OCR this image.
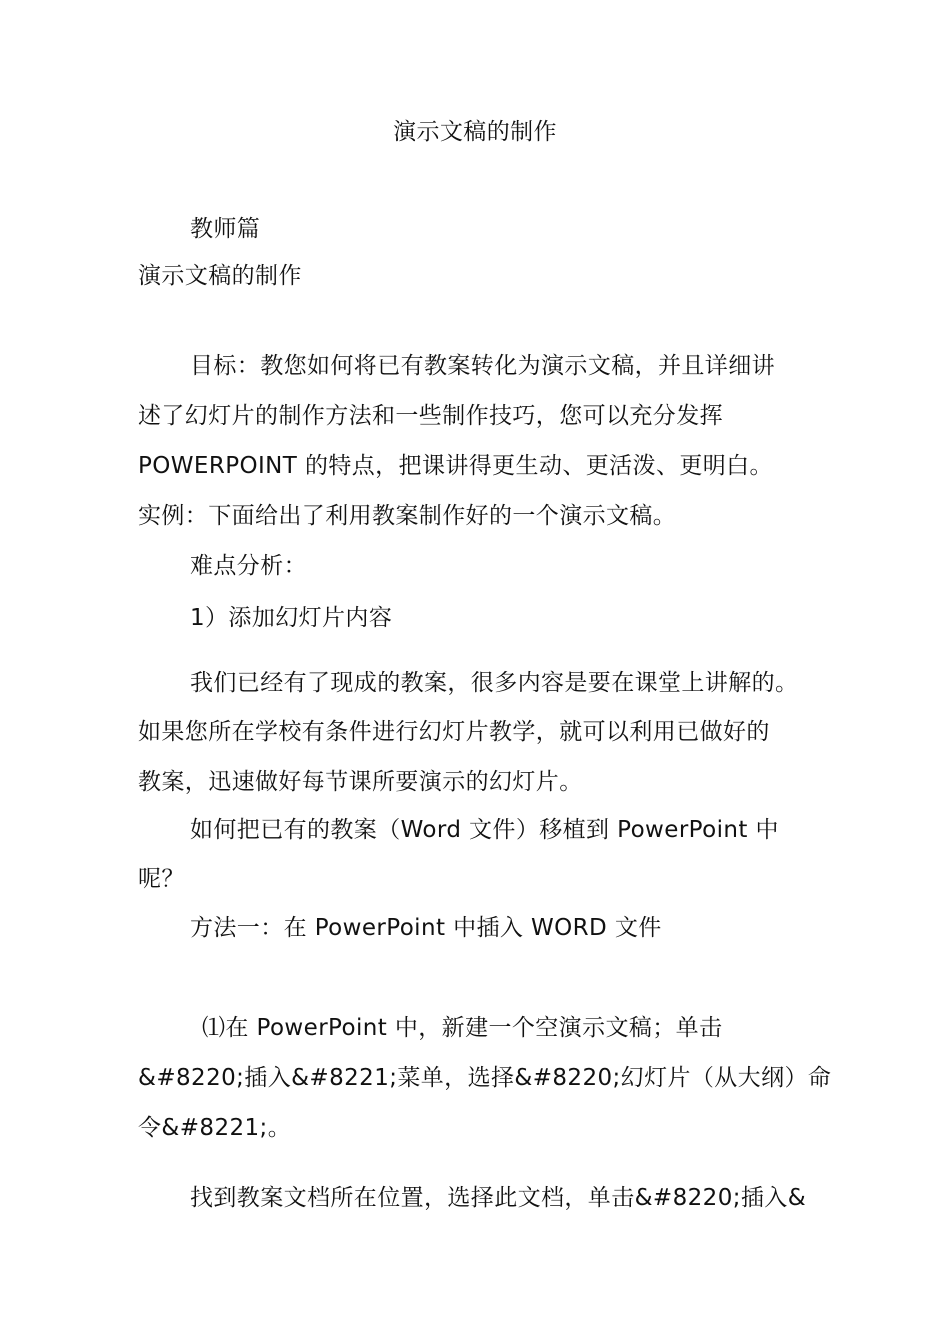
演示文稿的制作
教师篇
演示文稿的制作
目标：教您如何将已有教案转化为演示文稿，并且详细讲
述了幻灯片的制作方法和一些制作技巧，您可以充分发挥
POWERPOINT 的特点，把课讲得更生动、更活泼、更明白。
实例：下面给出了利用教案制作好的一个演示文稿。
难点分析：
1）添加幻灯片内容
我们已经有了现成的教案，很多内容是要在课堂上讲解的。
如果您所在学校有条件进行幻灯片教学，就可以利用已做好的
教案，迅速做好每节课所要演示的幻灯片。
如何把已有的教案（Word 文件）移植到 PowerPoint 中
呢？
方法一：在 PowerPoint 中插入 WORD 文件
⑴在 PowerPoint 中，新建一个空演示文稿；单击
&#8220;插入&#8221;菜单，选择&#8220;幻灯片（从大纲）命
令&#8221;。
找到教案文档所在位置，选择此文档，单击&#8220;插入&
